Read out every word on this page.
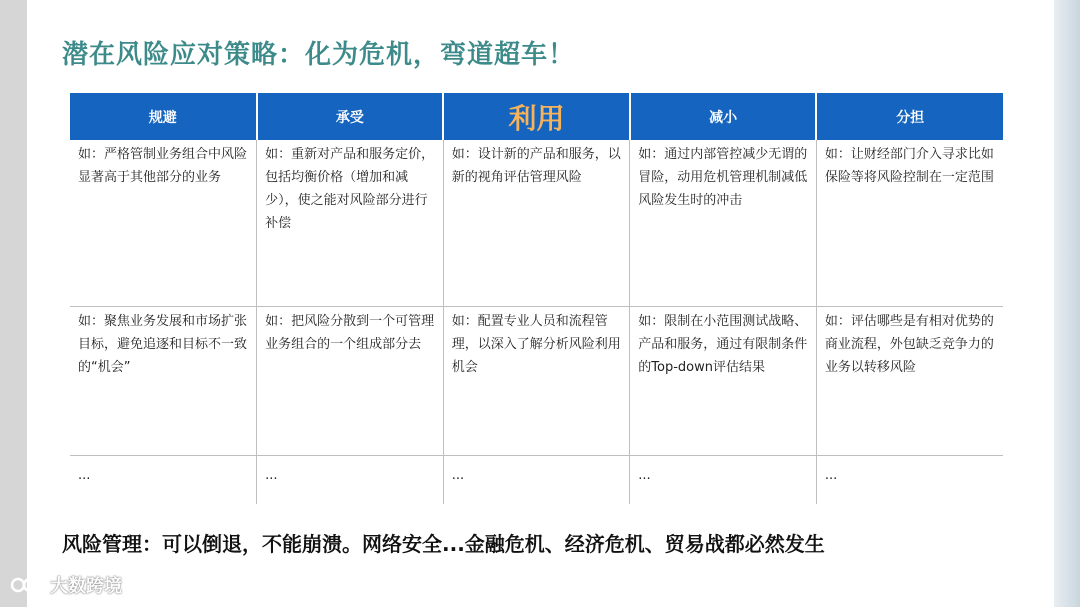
潜在风险应对策略：化为危机，弯道超车！
规避	承受	利用	减小	分担
如：严格管制业务组合中风险显著高于其他部分的业务	如：重新对产品和服务定价，包括均衡价格（增加和减少），使之能对风险部分进行补偿	如：设计新的产品和服务，以新的视角评估管理风险	如：通过内部管控减少无谓的冒险，动用危机管理机制减低风险发生时的冲击	如：让财经部门介入寻求比如保险等将风险控制在一定范围
如：聚焦业务发展和市场扩张目标，避免追逐和目标不一致的“机会”	如：把风险分散到一个可管理业务组合的一个组成部分去	如：配置专业人员和流程管理，以深入了解分析风险利用机会	如：限制在小范围测试战略、产品和服务，通过有限制条件的Top-down评估结果	如：评估哪些是有相对优势的商业流程，外包缺乏竞争力的业务以转移风险
...	...	...	...	...
风险管理：可以倒退，不能崩溃。网络安全...金融危机、经济危机、贸易战都必然发生
大数跨境
